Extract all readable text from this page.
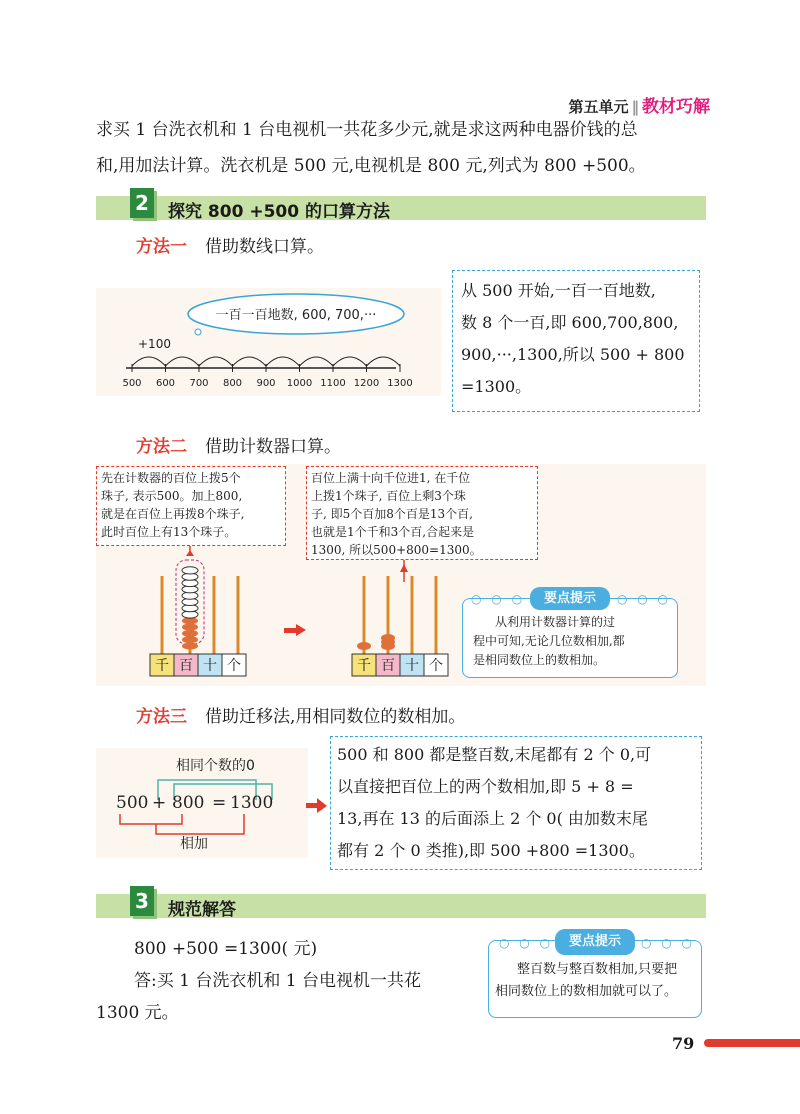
第五单元 ‖ 教材巧解
求买 1 台洗衣机和 1 台电视机一共花多少元,就是求这两种电器价钱的总
和,用加法计算。洗衣机是 500 元,电视机是 800 元,列式为 800 +500。
2 探究 800 +500 的口算方法
方法一 借助数线口算。
一百一百地数, 600, 700,···
+100
500 600 700 800 900 1000 1100 1200 1300
从 500 开始,一百一百地数,
数 8 个一百,即 600,700,800,
900,···,1300,所以 500 + 800
=1300。
方法二 借助计数器口算。
先在计数器的百位上拨5个
珠子, 表示500。加上800,
就是在百位上再拨8个珠子,
此时百位上有13个珠子。
百位上满十向千位进1, 在千位
上拨1个珠子, 百位上剩3个珠
子, 即5个百加8个百是13个百,
也就是1个千和3个百,合起来是
1300, 所以500+800=1300。
千 百 十 个	千 百 十 个
○ ○ ○	要点提示	○ ○ ○
从利用计数器计算的过
程中可知,无论几位数相加,都
是相同数位上的数相加。
方法三 借助迁移法,用相同数位的数相加。
相同个数的0
500 + 800 = 1300
相加
500 和 800 都是整百数,末尾都有 2 个 0,可
以直接把百位上的两个数相加,即 5 + 8 =
13,再在 13 的后面添上 2 个 0( 由加数末尾
都有 2 个 0 类推),即 500 +800 =1300。
3 规范解答
800 +500 =1300( 元)
答:买 1 台洗衣机和 1 台电视机一共花
1300 元。
○ ○ ○	要点提示	○ ○ ○
整百数与整百数相加,只要把
相同数位上的数相加就可以了。
79
